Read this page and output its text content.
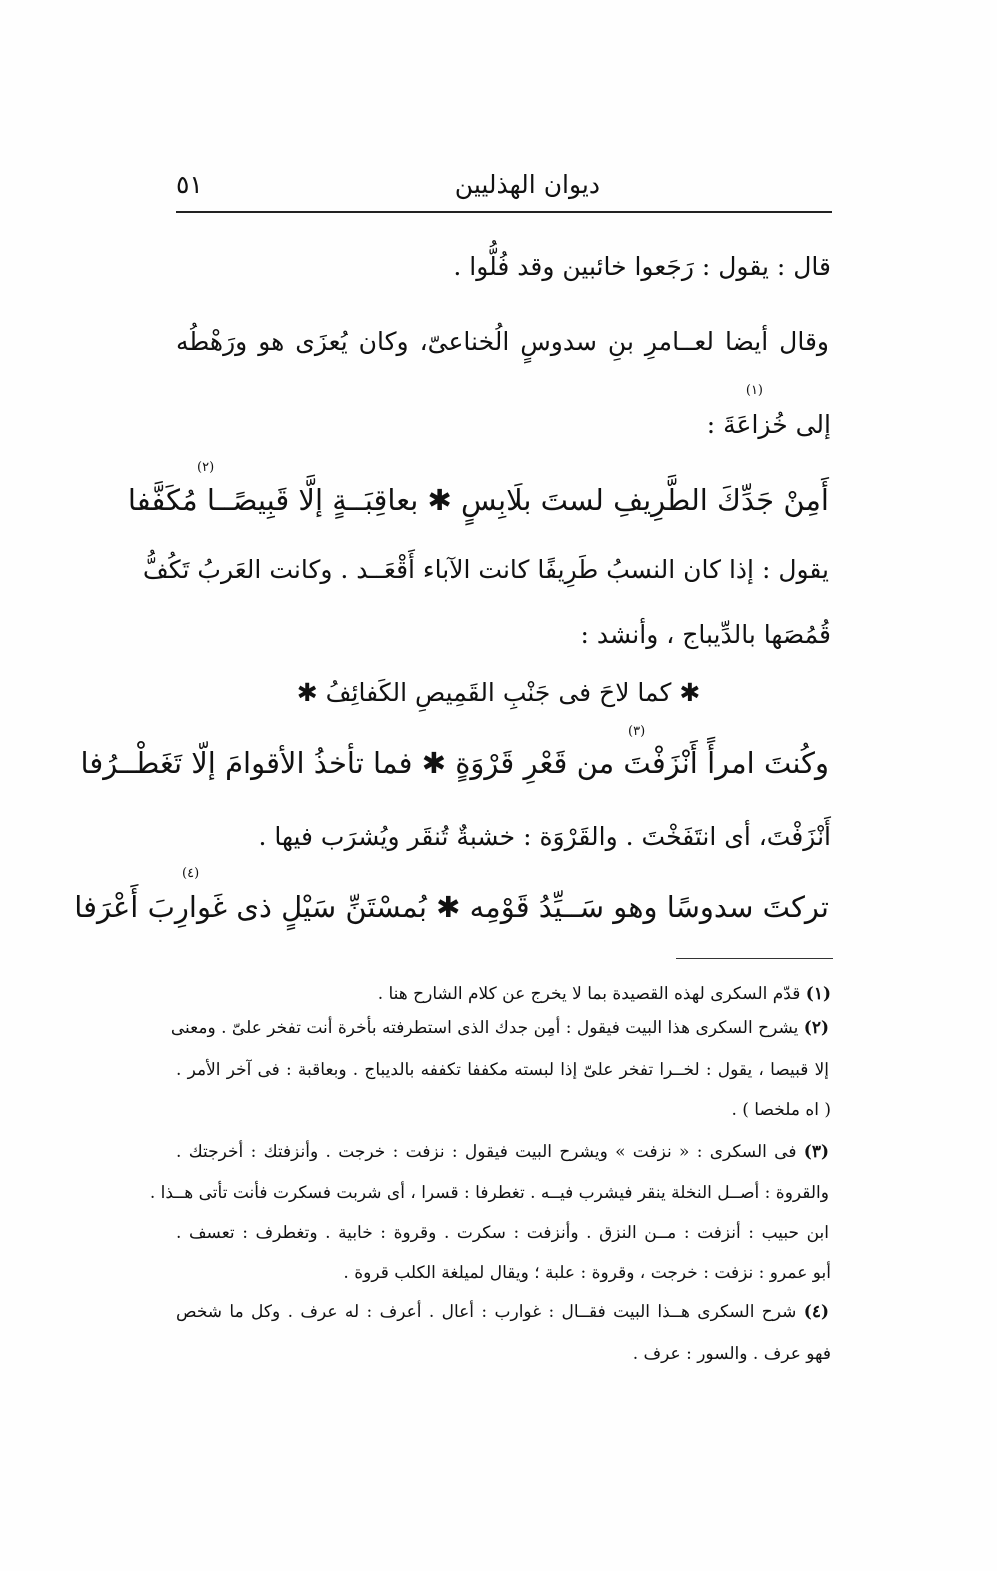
ديوان الهذليين
٥١
قال : يقول : رَجَعوا خائبين وقد فُلُّوا .
وقال أيضا لعــامرِ بنِ سدوسٍ الُخناعىّ، وكان يُعزَى هو ورَهْطُه
(١)
إلى خُزاعَةَ :
(٢)
أَمِنْ جَدِّكَ الطَّرِيفِ لستَ بلَابِسٍ ✱ بعاقِبَــةٍ إلَّا قَبِيصًــا مُكَفَّفا
يقول : إذا كان النسبُ طَرِيفًا كانت الآباء أَقْعَــد . وكانت العَربُ تَكُفُّ
قُمُصَها بالدِّيباج ، وأنشد :
✱ كما لاحَ فى جَنْبِ القَمِيصِ الكَفائِفُ ✱
(٣)
وكُنتَ امرأً أَنْزَفْتَ من قَعْرِ قَرْوَةٍ ✱ فما تأخذُ الأقوامَ إلّا تَغَطْــرُفا
أَنْزَفْتَ، أى انتَفَخْتَ . والقَرْوَة : خشبةٌ تُنقَر ويُشرَب فيها .
(٤)
تركتَ سدوسًا وهو سَــيِّدُ قَوْمِه ✱ بُمسْتَنِّ سَيْلٍ ذى غَوارِبَ أَعْرَفا
(١) قدّم السكرى لهذه القصيدة بما لا يخرج عن كلام الشارح هنا .
(٢) يشرح السكرى هذا البيت فيقول : أمِن جدك الذى استطرفته بأخرة أنت تفخر علىّ . ومعنى
إلا قبيصا ، يقول : لخــرا تفخر علىّ إذا لبسته مكففا تكففه بالديباج . وبعاقبة : فى آخر الأمر .
( اه ملخصا ) .
(٣) فى السكرى : « نزفت » ويشرح البيت فيقول : نزفت : خرجت . وأنزفتك : أخرجتك .
والقروة : أصــل النخلة ينقر فيشرب فيــه . تغطرفا : قسرا ، أى شربت فسكرت فأنت تأتى هــذا .
ابن حبيب : أنزفت : مــن النزق . وأنزفت : سكرت . وقروة : خابية . وتغطرف : تعسف .
أبو عمرو : نزفت : خرجت ، وقروة : علبة ؛ ويقال لميلغة الكلب قروة .
(٤) شرح السكرى هــذا البيت فقــال : غوارب : أعال . أعرف : له عرف . وكل ما شخص
فهو عرف . والسور : عرف .
